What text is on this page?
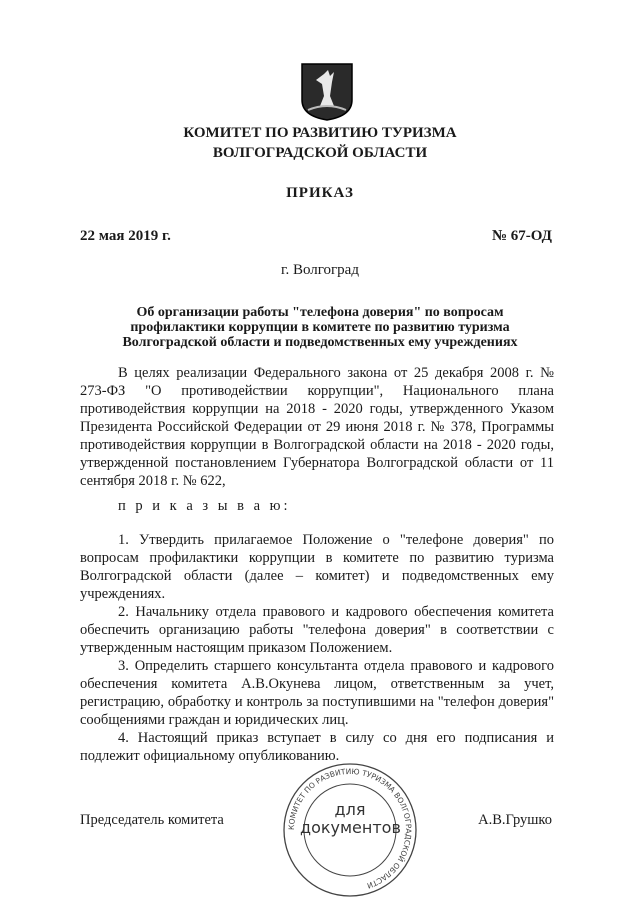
КОМИТЕТ ПО РАЗВИТИЮ ТУРИЗМА
ВОЛГОГРАДСКОЙ ОБЛАСТИ
ПРИКАЗ
22 мая 2019 г.	№ 67-ОД
г. Волгоград
Об организации работы "телефона доверия" по вопросам профилактики коррупции в комитете по развитию туризма Волгоградской области и подведомственных ему учреждениях

В целях реализации Федерального закона от 25 декабря 2008 г. № 273-ФЗ "О противодействии коррупции", Национального плана противодействия коррупции на 2018 - 2020 годы, утвержденного Указом Президента Российской Федерации от 29 июня 2018 г. № 378, Программы противодействия коррупции в Волгоградской области на 2018 - 2020 годы, утвержденной постановлением Губернатора Волгоградской области от 11 сентября 2018 г. № 622,

п р и к а з ы в а ю:

1. Утвердить прилагаемое Положение о "телефоне доверия" по вопросам профилактики коррупции в комитете по развитию туризма Волгоградской области (далее – комитет) и подведомственных ему учреждениях.

2. Начальнику отдела правового и кадрового обеспечения комитета обеспечить организацию работы "телефона доверия" в соответствии с утвержденным настоящим приказом Положением.

3. Определить старшего консультанта отдела правового и кадрового обеспечения комитета А.В.Окунева лицом, ответственным за учет, регистрацию, обработку и контроль за поступившими на "телефон доверия" сообщениями граждан и юридических лиц.

4. Настоящий приказ вступает в силу со дня его подписания и подлежит официальному опубликованию.

Председатель комитета	А.В.Грушко
КОМИТЕТ ПО РАЗВИТИЮ ТУРИЗМА ВОЛГОГРАДСКОЙ ОБЛАСТИ
для
документов
